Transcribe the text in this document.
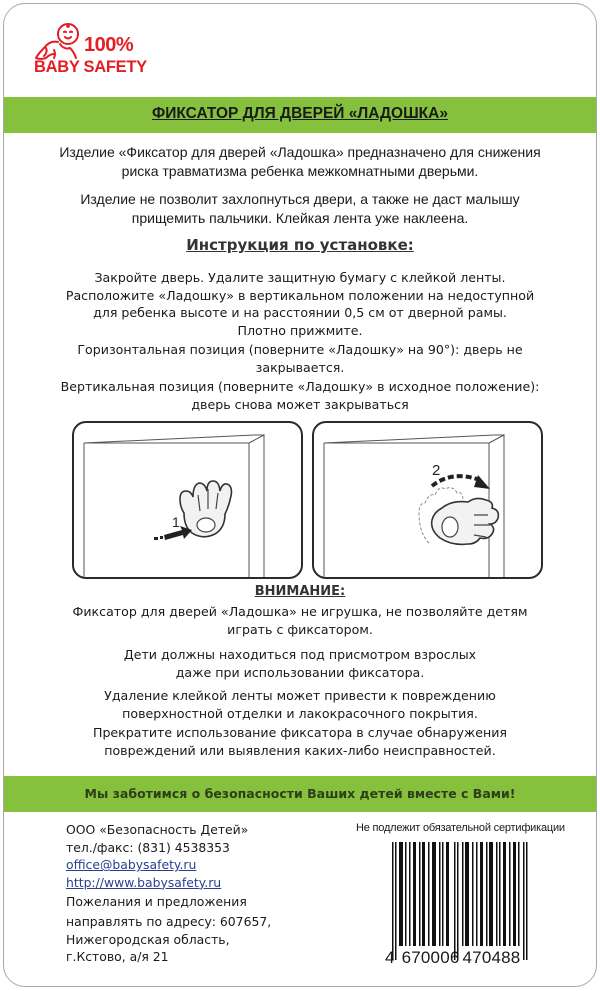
100%
BABY SAFETY
ФИКСАТОР ДЛЯ ДВЕРЕЙ «ЛАДОШКА»
Изделие «Фиксатор для дверей «Ладошка» предназначено для снижения риска травматизма ребенка межкомнатными дверьми.
Изделие не позволит захлопнуться двери, а также не даст малышу прищемить пальчики. Клейкая лента уже наклеена.
Инструкция по установке:
Закройте дверь. Удалите защитную бумагу с клейкой ленты. Расположите «Ладошку» в вертикальном положении на недоступной для ребенка высоте и на расстоянии 0,5 см от дверной рамы.
Плотно прижмите.
Горизонтальная позиция (поверните «Ладошку» на 90°): дверь не закрывается.
Вертикальная позиция (поверните «Ладошку» в исходное положение): дверь снова может закрываться
1
2
ВНИМАНИЕ:
Фиксатор для дверей «Ладошка» не игрушка, не позволяйте детям играть с фиксатором.
Дети должны находиться под присмотром взрослых даже при использовании фиксатора.
Удаление клейкой ленты может привести к повреждению поверхностной отделки и лакокрасочного покрытия.
Прекратите использование фиксатора в случае обнаружения повреждений или выявления каких-либо неисправностей.
Мы заботимся о безопасности Ваших детей вместе с Вами!
ООО «Безопасность Детей»
тел./факс: (831) 4538353
office@babysafety.ru
http://www.babysafety.ru
Пожелания и предложения
направлять по адресу: 607657,
Нижегородская область,
г.Кстово, а/я 21
Не подлежит обязательной сертификации
4 670006 470488
